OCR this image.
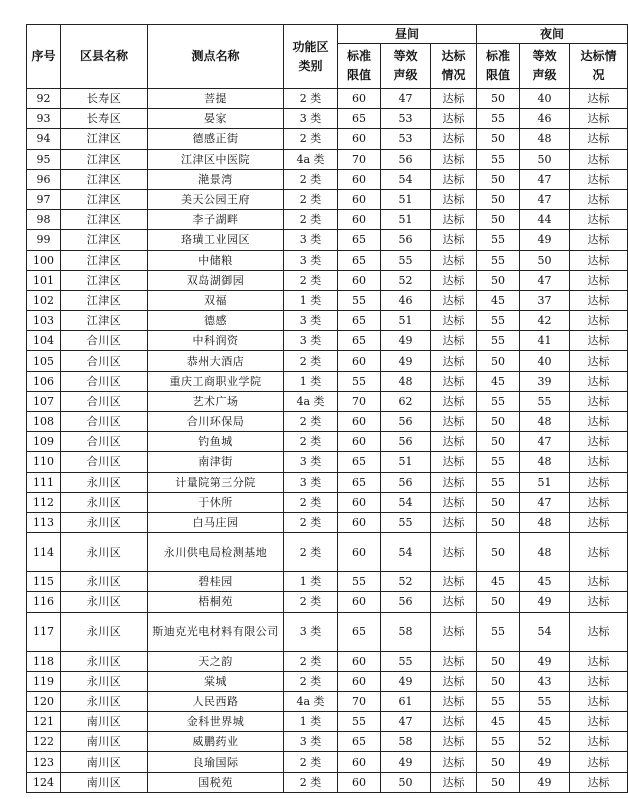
序号	区县名称	测点名称	功能区类别	昼间			夜间		
				标准限值	等效声级	达标情况	标准限值	等效声级	达标情况
92	长寿区	菩提	2 类	60	47	达标	50	40	达标
93	长寿区	晏家	3 类	65	53	达标	55	46	达标
94	江津区	德感正街	2 类	60	53	达标	50	48	达标
95	江津区	江津区中医院	4a 类	70	56	达标	55	50	达标
96	江津区	滟景湾	2 类	60	54	达标	50	47	达标
97	江津区	美天公园王府	2 类	60	51	达标	50	47	达标
98	江津区	李子湖畔	2 类	60	51	达标	50	44	达标
99	江津区	珞璜工业园区	3 类	65	56	达标	55	49	达标
100	江津区	中储粮	3 类	65	55	达标	55	50	达标
101	江津区	双岛湖御园	2 类	60	52	达标	50	47	达标
102	江津区	双福	1 类	55	46	达标	45	37	达标
103	江津区	德感	3 类	65	51	达标	55	42	达标
104	合川区	中科润资	3 类	65	49	达标	55	41	达标
105	合川区	恭州大酒店	2 类	60	49	达标	50	40	达标
106	合川区	重庆工商职业学院	1 类	55	48	达标	45	39	达标
107	合川区	艺术广场	4a 类	70	62	达标	55	55	达标
108	合川区	合川环保局	2 类	60	56	达标	50	48	达标
109	合川区	钓鱼城	2 类	60	56	达标	50	47	达标
110	合川区	南津街	3 类	65	51	达标	55	48	达标
111	永川区	计量院第三分院	3 类	65	56	达标	55	51	达标
112	永川区	于休所	2 类	60	54	达标	50	47	达标
113	永川区	白马庄园	2 类	60	55	达标	50	48	达标
114	永川区	永川供电局检测基地	2 类	60	54	达标	50	48	达标
115	永川区	碧桂园	1 类	55	52	达标	45	45	达标
116	永川区	梧桐苑	2 类	60	56	达标	50	49	达标
117	永川区	斯迪克光电材料有限公司	3 类	65	58	达标	55	54	达标
118	永川区	天之韵	2 类	60	55	达标	50	49	达标
119	永川区	棠城	2 类	60	49	达标	50	43	达标
120	永川区	人民西路	4a 类	70	61	达标	55	55	达标
121	南川区	金科世界城	1 类	55	47	达标	45	45	达标
122	南川区	威鹏药业	3 类	65	58	达标	55	52	达标
123	南川区	良瑜国际	2 类	60	49	达标	50	49	达标
124	南川区	国税苑	2 类	60	50	达标	50	49	达标
